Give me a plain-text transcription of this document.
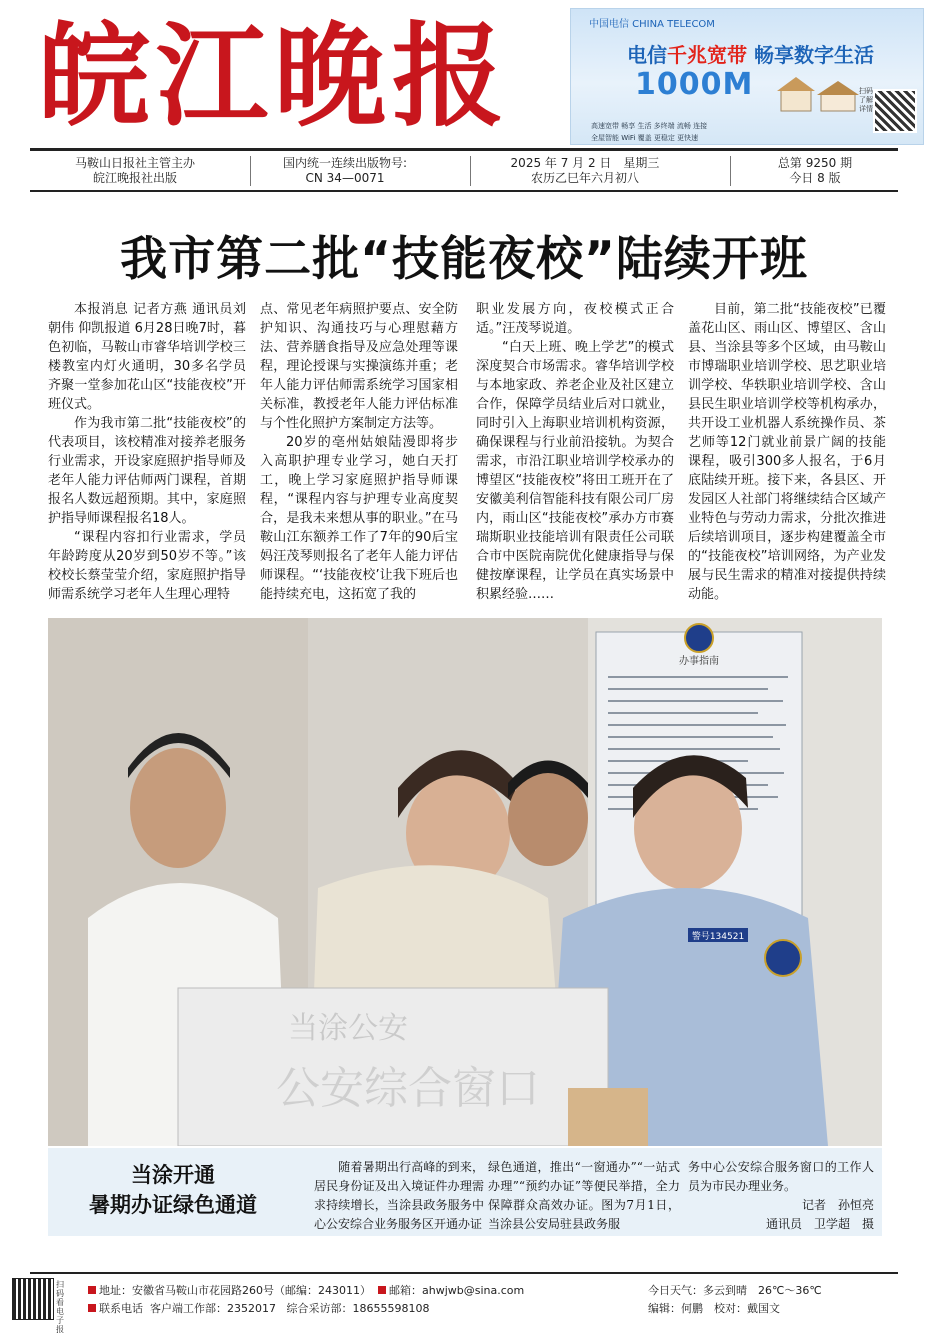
皖江晚报	中国电信 CHINA TELECOM
电信千兆宽带 畅享数字生活
1000M
高速宽带 畅享 生活 多终端 流畅 连接
全屋智能 WiFi 覆盖 更稳定 更快速
扫码了解详情
马鞍山日报社主管主办
皖江晚报社出版
国内统一连续出版物号:
CN 34—0071
2025 年 7 月 2 日　星期三
农历乙巳年六月初八
总第 9250 期
今日 8 版
我市第二批“技能夜校”陆续开班

本报消息 记者方燕 通讯员刘朝伟 仰凯报道 6月28日晚7时，暮色初临，马鞍山市睿华培训学校三楼教室内灯火通明，30多名学员齐聚一堂参加花山区“技能夜校”开班仪式。

作为我市第二批“技能夜校”的代表项目，该校精准对接养老服务行业需求，开设家庭照护指导师及老年人能力评估师两门课程，首期报名人数远超预期。其中，家庭照护指导师课程报名18人。

“课程内容扣行业需求，学员年龄跨度从20岁到50岁不等。”该校校长蔡莹莹介绍，家庭照护指导师需系统学习老年人生理心理特

点、常见老年病照护要点、安全防护知识、沟通技巧与心理慰藉方法、营养膳食指导及应急处理等课程，理论授课与实操演练并重；老年人能力评估师需系统学习国家相关标准，教授老年人能力评估标准与个性化照护方案制定方法等。

20岁的亳州姑娘陆漫即将步入高职护理专业学习，她白天打工，晚上学习家庭照护指导师课程，“课程内容与护理专业高度契合，是我未来想从事的职业。”在马鞍山江东额养工作了7年的90后宝妈汪茂琴则报名了老年人能力评估师课程。“‘技能夜校’让我下班后也能持续充电，这拓宽了我的

职业发展方向，夜校模式正合适。”汪茂琴说道。

“白天上班、晚上学艺”的模式深度契合市场需求。睿华培训学校与本地家政、养老企业及社区建立合作，保障学员结业后对口就业，同时引入上海职业培训机构资源，确保课程与行业前沿接轨。为契合需求，市沿江职业培训学校承办的博望区“技能夜校”将田工班开在了安徽美利信智能科技有限公司厂房内，雨山区“技能夜校”承办方市赛瑞斯职业技能培训有限责任公司联合市中医院南院优化健康指导与保健按摩课程，让学员在真实场景中积累经验……

目前，第二批“技能夜校”已覆盖花山区、雨山区、博望区、含山县、当涂县等多个区域，由马鞍山市博瑞职业培训学校、思艺职业培训学校、华轶职业培训学校、含山县民生职业培训学校等机构承办，共开设工业机器人系统操作员、茶艺师等12门就业前景广阔的技能课程，吸引300多人报名，于6月底陆续开班。接下来，各县区、开发园区人社部门将继续结合区域产业特色与劳动力需求，分批次推进后续培训项目，逐步构建覆盖全市的“技能夜校”培训网络，为产业发展与民生需求的精准对接提供持续动能。

办事指南
警号134521
当涂公安
公安综合窗口
当涂开通
暑期办证绿色通道

　　随着暑期出行高峰的到来，居民身份证及出入境证件办理需求持续增长，当涂县政务服务中心公安综合业务服务区开通办证

绿色通道，推出“一窗通办”“一站式办理”“预约办证”等便民举措，全力保障群众高效办证。图为7月1日，当涂县公安局驻县政务服

务中心公安综合服务窗口的工作人员为市民办理业务。

记者　孙恒亮

通讯员　卫学超　摄

扫码看电子报
地址：安徽省马鞍山市花园路260号（邮编：243011） 邮箱：ahwjwb@sina.com
联系电话 客户端工作部：2352017 综合采访部：18655598108
今日天气：多云到晴　26℃～36℃
编辑：何鹏　校对：戴国文
